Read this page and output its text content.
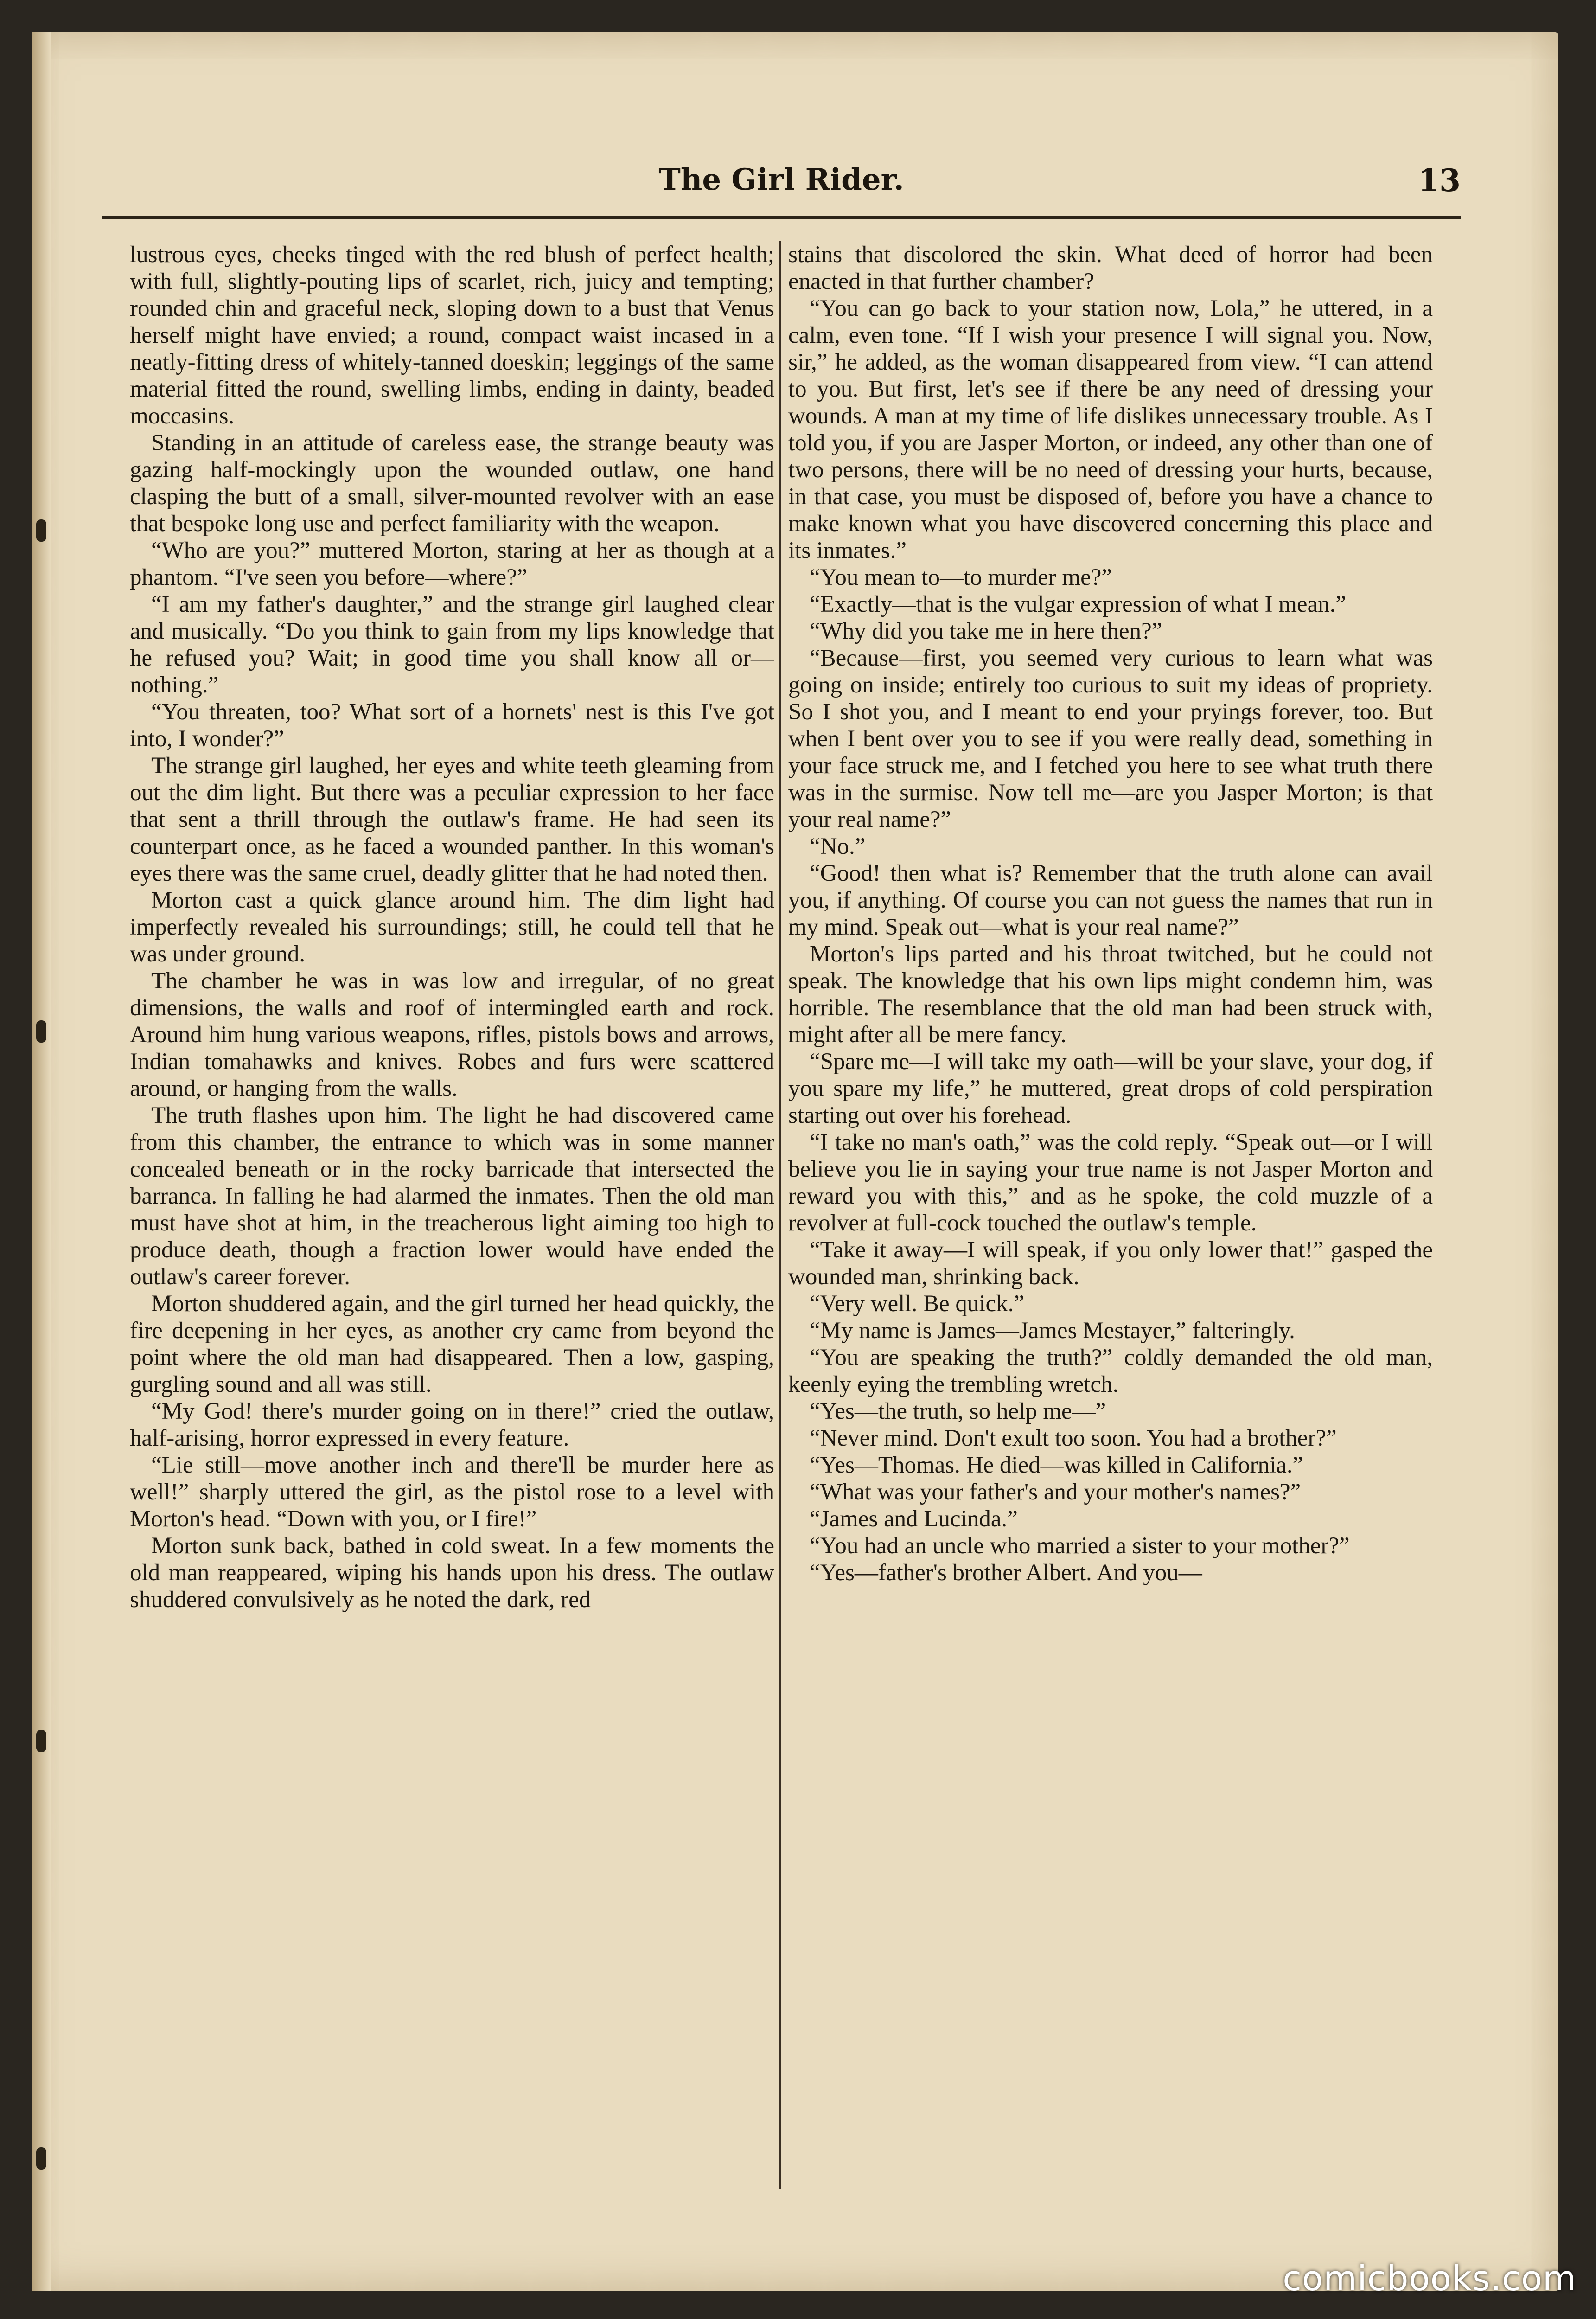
The Girl Rider.	13

lustrous eyes, cheeks tinged with the red blush of perfect health; with full, slightly-pouting lips of scarlet, rich, juicy and tempting; rounded chin and graceful neck, sloping down to a bust that Venus herself might have envied; a round, compact waist incased in a neatly-fitting dress of whitely-tanned doeskin; leggings of the same material fitted the round, swelling limbs, ending in dainty, beaded moccasins.

Standing in an attitude of careless ease, the strange beauty was gazing half-mockingly upon the wounded outlaw, one hand clasping the butt of a small, silver-mounted revolver with an ease that bespoke long use and perfect familiarity with the weapon.

“Who are you?” muttered Morton, staring at her as though at a phantom. “I've seen you before—where?”

“I am my father's daughter,” and the strange girl laughed clear and musically. “Do you think to gain from my lips knowledge that he refused you? Wait; in good time you shall know all or—nothing.”

“You threaten, too? What sort of a hornets' nest is this I've got into, I wonder?”

The strange girl laughed, her eyes and white teeth gleaming from out the dim light. But there was a peculiar expression to her face that sent a thrill through the outlaw's frame. He had seen its counterpart once, as he faced a wounded panther. In this woman's eyes there was the same cruel, deadly glitter that he had noted then.

Morton cast a quick glance around him. The dim light had imperfectly revealed his surroundings; still, he could tell that he was under ground.

The chamber he was in was low and irregular, of no great dimensions, the walls and roof of intermingled earth and rock. Around him hung various weapons, rifles, pistols bows and arrows, Indian tomahawks and knives. Robes and furs were scattered around, or hanging from the walls.

The truth flashes upon him. The light he had discovered came from this chamber, the entrance to which was in some manner concealed beneath or in the rocky barricade that intersected the barranca. In falling he had alarmed the inmates. Then the old man must have shot at him, in the treacherous light aiming too high to produce death, though a fraction lower would have ended the outlaw's career forever.

Morton shuddered again, and the girl turned her head quickly, the fire deepening in her eyes, as another cry came from beyond the point where the old man had disappeared. Then a low, gasping, gurgling sound and all was still.

“My God! there's murder going on in there!” cried the outlaw, half-arising, horror expressed in every feature.

“Lie still—move another inch and there'll be murder here as well!” sharply uttered the girl, as the pistol rose to a level with Morton's head. “Down with you, or I fire!”

Morton sunk back, bathed in cold sweat. In a few moments the old man reappeared, wiping his hands upon his dress. The outlaw shuddered convulsively as he noted the dark, red

stains that discolored the skin. What deed of horror had been enacted in that further chamber?

“You can go back to your station now, Lola,” he uttered, in a calm, even tone. “If I wish your presence I will signal you. Now, sir,” he added, as the woman disappeared from view. “I can attend to you. But first, let's see if there be any need of dressing your wounds. A man at my time of life dislikes unnecessary trouble. As I told you, if you are Jasper Morton, or indeed, any other than one of two persons, there will be no need of dressing your hurts, because, in that case, you must be disposed of, before you have a chance to make known what you have discovered concerning this place and its inmates.”

“You mean to—to murder me?”

“Exactly—that is the vulgar expression of what I mean.”

“Why did you take me in here then?”

“Because—first, you seemed very curious to learn what was going on inside; entirely too curious to suit my ideas of propriety. So I shot you, and I meant to end your pryings forever, too. But when I bent over you to see if you were really dead, something in your face struck me, and I fetched you here to see what truth there was in the surmise. Now tell me—are you Jasper Morton; is that your real name?”

“No.”

“Good! then what is? Remember that the truth alone can avail you, if anything. Of course you can not guess the names that run in my mind. Speak out—what is your real name?”

Morton's lips parted and his throat twitched, but he could not speak. The knowledge that his own lips might condemn him, was horrible. The resemblance that the old man had been struck with, might after all be mere fancy.

“Spare me—I will take my oath—will be your slave, your dog, if you spare my life,” he muttered, great drops of cold perspiration starting out over his forehead.

“I take no man's oath,” was the cold reply. “Speak out—or I will believe you lie in saying your true name is not Jasper Morton and reward you with this,” and as he spoke, the cold muzzle of a revolver at full-cock touched the outlaw's temple.

“Take it away—I will speak, if you only lower that!” gasped the wounded man, shrinking back.

“Very well. Be quick.”

“My name is James—James Mestayer,” falteringly.

“You are speaking the truth?” coldly demanded the old man, keenly eying the trembling wretch.

“Yes—the truth, so help me—”

“Never mind. Don't exult too soon. You had a brother?”

“Yes—Thomas. He died—was killed in California.”

“What was your father's and your mother's names?”

“James and Lucinda.”

“You had an uncle who married a sister to your mother?”

“Yes—father's brother Albert. And you—

comicbooks.com
